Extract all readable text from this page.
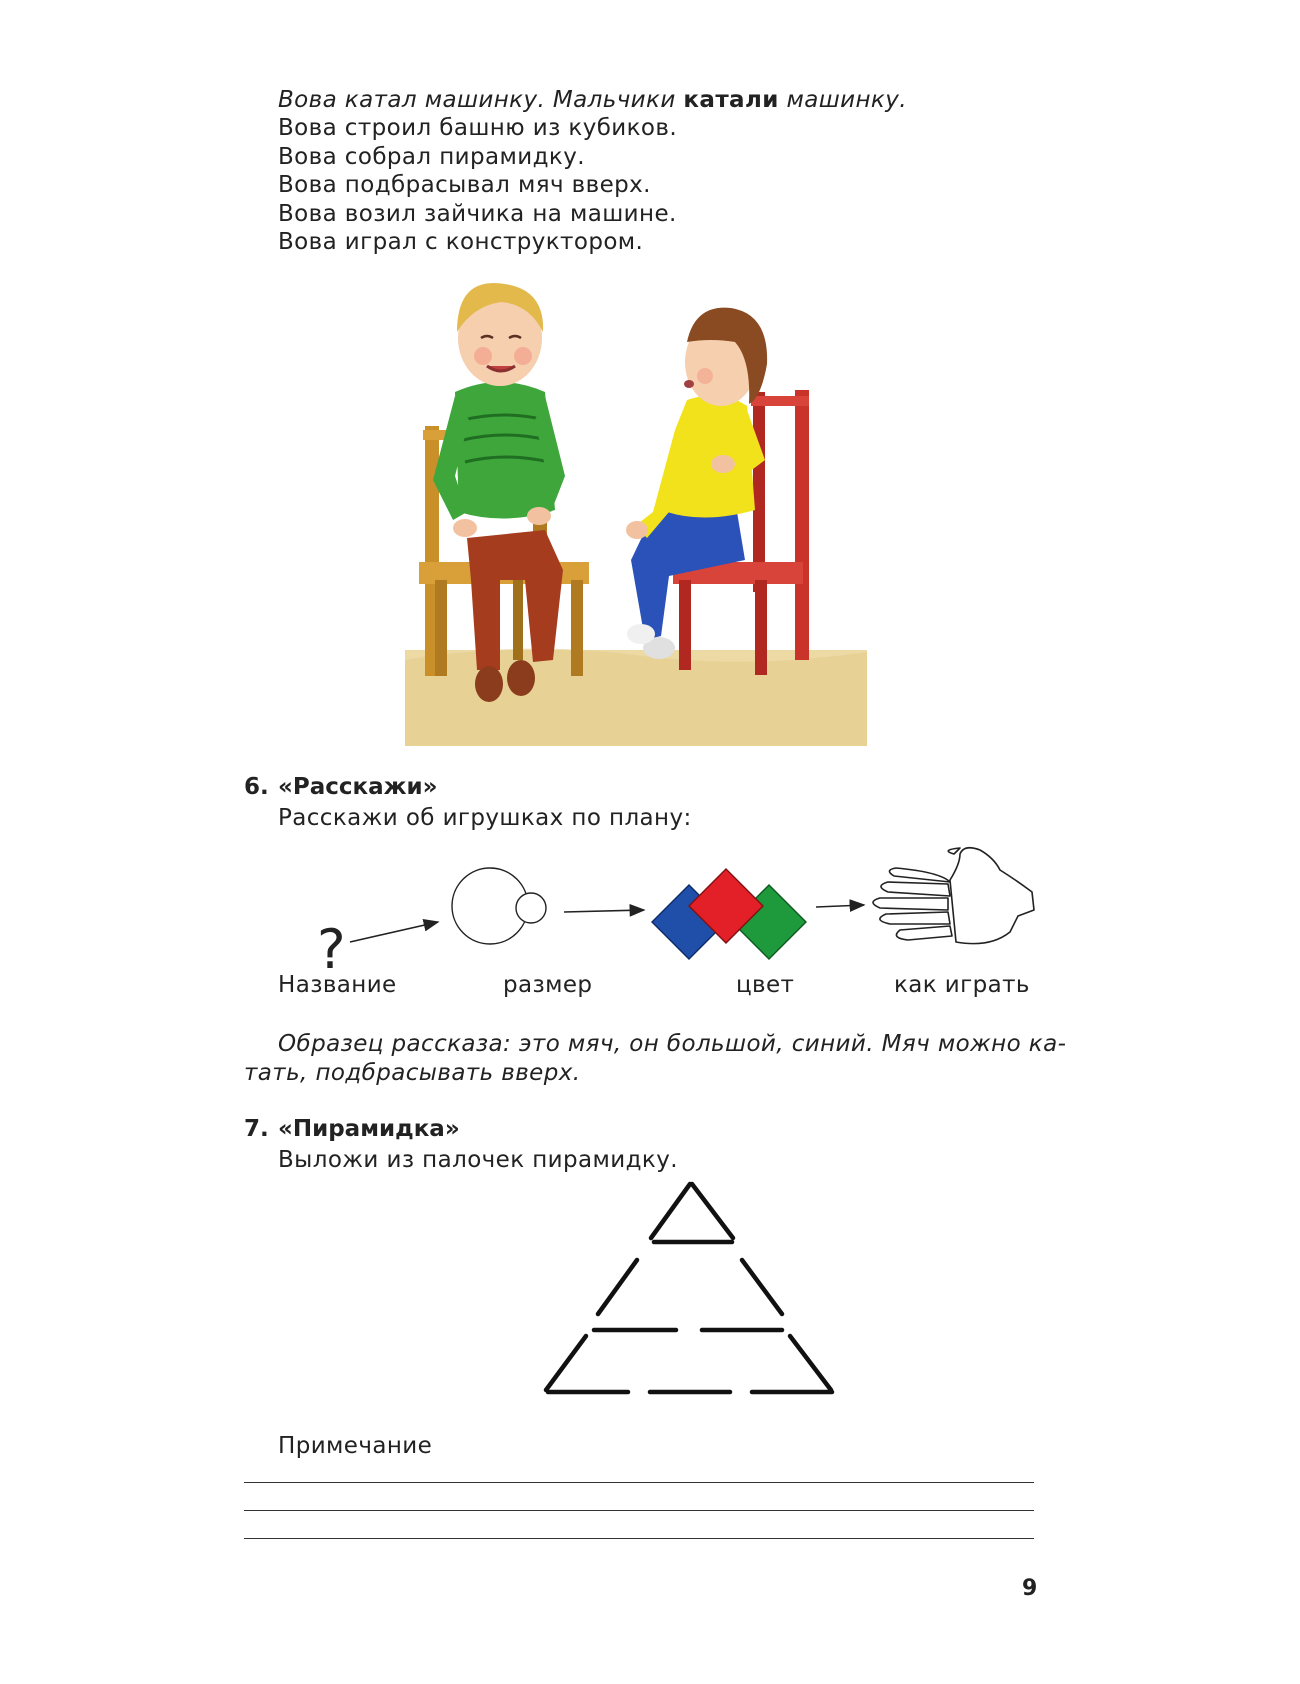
Вова катал машинку. Мальчики катали машинку.
Вова строил башню из кубиков.
Вова собрал пирамидку.
Вова подбрасывал мяч вверх.
Вова возил зайчика на машине.
Вова играл с конструктором.
6. «Расскажи»
Расскажи об игрушках по плану:
?
Название	размер	цвет	как играть
Образец рассказа: это мяч, он большой, синий. Мяч можно ка-
тать, подбрасывать вверх.
7. «Пирамидка»
Выложи из палочек пирамидку.
Примечание
9
